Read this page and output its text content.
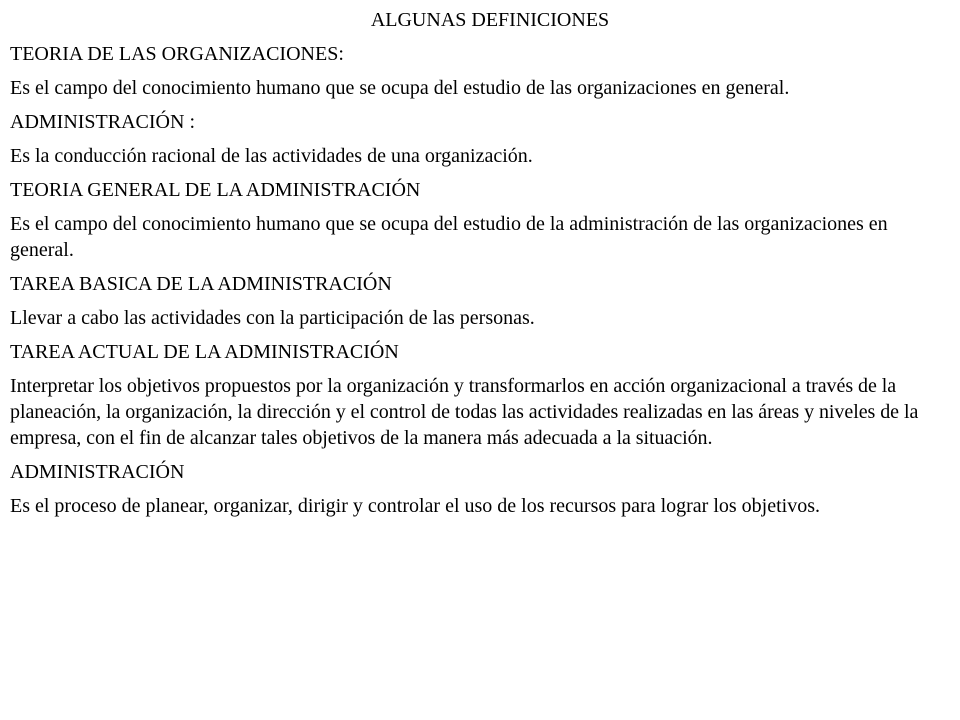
ALGUNAS DEFINICIONES

TEORIA DE LAS ORGANIZACIONES:

Es el campo del conocimiento humano que se ocupa del estudio de las organizaciones en general.

ADMINISTRACIÓN :

Es la conducción racional de las actividades de una organización.

TEORIA GENERAL DE LA ADMINISTRACIÓN

Es el campo del conocimiento humano que se ocupa del estudio de la administración de las organizaciones en general.

TAREA BASICA DE LA ADMINISTRACIÓN

Llevar a cabo las actividades con la participación de las personas.

TAREA ACTUAL DE LA ADMINISTRACIÓN

Interpretar los objetivos propuestos por la organización y transformarlos en acción organizacional a través de la planeación, la organización, la dirección y el control de todas las actividades realizadas en las áreas y niveles de la empresa, con el fin de alcanzar tales objetivos de la manera más adecuada a la situación.

ADMINISTRACIÓN

Es el proceso de planear, organizar, dirigir y controlar el uso de los recursos para lograr los objetivos.
